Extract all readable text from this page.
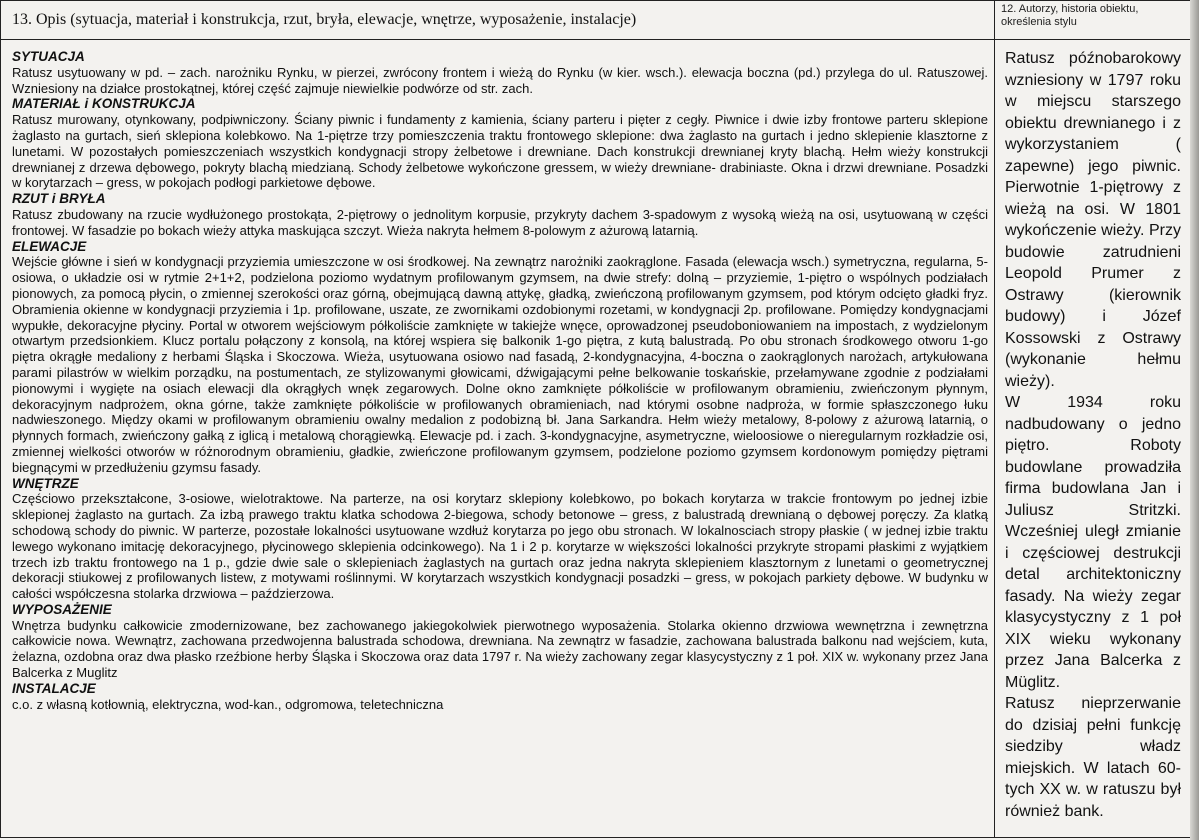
13. Opis (sytuacja, materiał i konstrukcja, rzut, bryła, elewacje, wnętrze, wyposażenie, instalacje)
SYTUACJA

Ratusz usytuowany w pd. – zach. narożniku Rynku, w pierzei, zwrócony frontem i wieżą do Rynku (w kier. wsch.). elewacja boczna (pd.) przylega do ul. Ratuszowej. Wzniesiony na działce prostokątnej, której część zajmuje niewielkie podwórze od str. zach.

MATERIAŁ i KONSTRUKCJA

Ratusz murowany, otynkowany, podpiwniczony. Ściany piwnic i fundamenty z kamienia, ściany parteru i pięter z cegły. Piwnice i dwie izby frontowe parteru sklepione żaglasto na gurtach, sień sklepiona kolebkowo. Na 1-piętrze trzy pomieszczenia traktu frontowego sklepione: dwa żaglasto na gurtach i jedno sklepienie klasztorne z lunetami. W pozostałych pomieszczeniach wszystkich kondygnacji stropy żelbetowe i drewniane. Dach konstrukcji drewnianej kryty blachą. Hełm wieży konstrukcji drewnianej z drzewa dębowego, pokryty blachą miedzianą. Schody żelbetowe wykończone gressem, w wieży drewniane- drabiniaste. Okna i drzwi drewniane. Posadzki w korytarzach – gress, w pokojach podłogi parkietowe dębowe.

RZUT i BRYŁA

Ratusz zbudowany na rzucie wydłużonego prostokąta, 2-piętrowy o jednolitym korpusie, przykryty dachem 3-spadowym z wysoką wieżą na osi, usytuowaną w części frontowej. W fasadzie po bokach wieży attyka maskująca szczyt. Wieża nakryta hełmem 8-polowym z ażurową latarnią.

ELEWACJE

Wejście główne i sień w kondygnacji przyziemia umieszczone w osi środkowej. Na zewnątrz narożniki zaokrąglone. Fasada (elewacja wsch.) symetryczna, regularna, 5-osiowa, o układzie osi w rytmie 2+1+2, podzielona poziomo wydatnym profilowanym gzymsem, na dwie strefy: dolną – przyziemie, 1-piętro o wspólnych podziałach pionowych, za pomocą płycin, o zmiennej szerokości oraz górną, obejmującą dawną attykę, gładką, zwieńczoną profilowanym gzymsem, pod którym odcięto gładki fryz. Obramienia okienne w kondygnacji przyziemia i 1p. profilowane, uszate, ze zwornikami ozdobionymi rozetami, w kondygnacji 2p. profilowane. Pomiędzy kondygnacjami wypukłe, dekoracyjne płyciny. Portal w otworem wejściowym półkoliście zamknięte w takiejże wnęce, oprowadzonej pseudoboniowaniem na impostach, z wydzielonym otwartym przedsionkiem. Klucz portalu połączony z konsolą, na której wspiera się balkonik 1-go piętra, z kutą balustradą. Po obu stronach środkowego otworu 1-go piętra okrągłe medaliony z herbami Śląska i Skoczowa. Wieża, usytuowana osiowo nad fasadą, 2-kondygnacyjna, 4-boczna o zaokrąglonych narożach, artykułowana parami pilastrów w wielkim porządku, na postumentach, ze stylizowanymi głowicami, dźwigającymi pełne belkowanie toskańskie, przełamywane zgodnie z podziałami pionowymi i wygięte na osiach elewacji dla okrągłych wnęk zegarowych. Dolne okno zamknięte półkoliście w profilowanym obramieniu, zwieńczonym płynnym, dekoracyjnym nadprożem, okna górne, także zamknięte półkoliście w profilowanych obramieniach, nad którymi osobne nadproża, w formie spłaszczonego łuku nadwieszonego. Między okami w profilowanym obramieniu owalny medalion z podobizną bł. Jana Sarkandra. Hełm wieży metalowy, 8-polowy z ażurową latarnią, o płynnych formach, zwieńczony gałką z iglicą i metalową chorągiewką. Elewacje pd. i zach. 3-kondygnacyjne, asymetryczne, wieloosiowe o nieregularnym rozkładzie osi, zmiennej wielkości otworów w różnorodnym obramieniu, gładkie, zwieńczone profilowanym gzymsem, podzielone poziomo gzymsem kordonowym pomiędzy piętrami biegnącymi w przedłużeniu gzymsu fasady.

WNĘTRZE

Częściowo przekształcone, 3-osiowe, wielotraktowe. Na parterze, na osi korytarz sklepiony kolebkowo, po bokach korytarza w trakcie frontowym po jednej izbie sklepionej żaglasto na gurtach. Za izbą prawego traktu klatka schodowa 2-biegowa, schody betonowe – gress, z balustradą drewnianą o dębowej poręczy. Za klatką schodową schody do piwnic. W parterze, pozostałe lokalności usytuowane wzdłuż korytarza po jego obu stronach. W lokalnosciach stropy płaskie ( w jednej izbie traktu lewego wykonano imitację dekoracyjnego, płycinowego sklepienia odcinkowego). Na 1 i 2 p. korytarze w większości lokalności przykryte stropami płaskimi z wyjątkiem trzech izb traktu frontowego na 1 p., gdzie dwie sale o sklepieniach żaglastych na gurtach oraz jedna nakryta sklepieniem klasztornym z lunetami o geometrycznej dekoracji stiukowej z profilowanych listew, z motywami roślinnymi. W korytarzach wszystkich kondygnacji posadzki – gress, w pokojach parkiety dębowe. W budynku w całości współczesna stolarka drzwiowa – paździerzowa.

WYPOSAŻENIE

Wnętrza budynku całkowicie zmodernizowane, bez zachowanego jakiegokolwiek pierwotnego wyposażenia. Stolarka okienno drzwiowa wewnętrzna i zewnętrzna całkowicie nowa. Wewnątrz, zachowana przedwojenna balustrada schodowa, drewniana. Na zewnątrz w fasadzie, zachowana balustrada balkonu nad wejściem, kuta, żelazna, ozdobna oraz dwa płasko rzeźbione herby Śląska i Skoczowa oraz data 1797 r. Na wieży zachowany zegar klasycystyczny z 1 poł. XIX w. wykonany przez Jana Balcerka z Muglitz

INSTALACJE

c.o. z własną kotłownią, elektryczna, wod-kan., odgromowa, teletechniczna

12. Autorzy, historia obiektu, określenia stylu

Ratusz późnobarokowy wzniesiony w 1797 roku w miejscu starszego obiektu drewnianego i z wykorzystaniem ( zapewne) jego piwnic. Pierwotnie 1-piętrowy z wieżą na osi. W 1801 wykończenie wieży. Przy budowie zatrudnieni Leopold Prumer z Ostrawy (kierownik budowy) i Józef Kossowski z Ostrawy (wykonanie hełmu wieży).

W 1934 roku nadbudowany o jedno piętro. Roboty budowlane prowadziła firma budowlana Jan i Juliusz Stritzki. Wcześniej uległ zmianie i częściowej destrukcji detal architektoniczny fasady. Na wieży zegar klasycystyczny z 1 poł XIX wieku wykonany przez Jana Balcerka z Müglitz.

Ratusz nieprzerwanie do dzisiaj pełni funkcję siedziby władz miejskich. W latach 60-tych XX w. w ratuszu był również bank.
